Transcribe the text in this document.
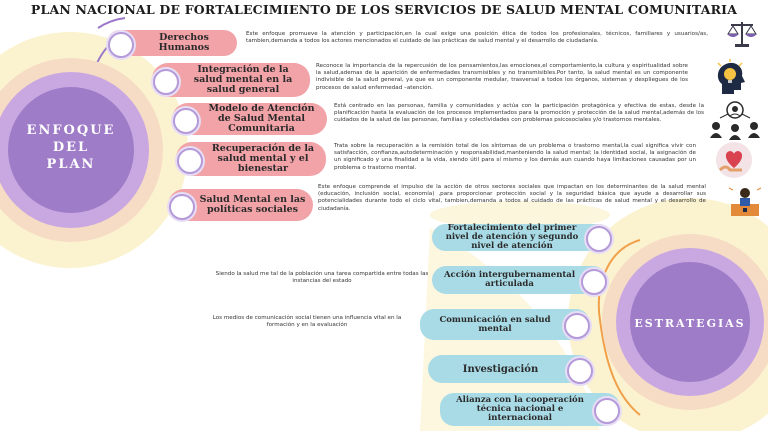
PLAN NACIONAL DE FORTALECIMIENTO DE LOS SERVICIOS DE SALUD MENTAL COMUNITARIA
ENFOQUE
DEL
PLAN
ESTRATEGIAS
Derechos Humanos
Este enfoque promueve la atención y participación,en la cual exige una posición ética de todos los profesionales, técnicos, familiares y usuarios/as, tambien,demanda a todos los actores mencionados el cuidado de las prácticas de salud mental y el desarrollo de ciudadanía.
Integración de la salud mental en la salud general
Reconoce la importancia de la repercusión de los pensamientos,las emociones,el comportamiento,la cultura y espiritualidad sobre la salud,ademas de la aparición de enfermedades transmisibles y no transmisibles.Por tanto, la salud mental es un componente indivisible de la salud general, ya que es un componente medular, trasversal a todos los órganos, sistemas y despliegues de los procesos de salud enfermedad –atención.
Modelo de Atención de Salud Mental Comunitaria
Está centrado en las personas, familia y comunidades y actúa con la participación protagónica y efectiva de estas, desde la planificación hasta la evaluación de los procesos implementados para la promoción y protección de la salud mental,además de los cuidados de la salud de las personas, familias y colectividades con problemas psicosociales y/o trastornos mentales.
Recuperación de la salud mental y el bienestar
Trata sobre la recuperación a la remisión total de los síntomas de un problema o trastorno mental,la cual significa vivir con satisfacción, confianza,autodeterminación y responsabilidad,manteniendo la salud mental; la identidad social, la asignación de un significado y una finalidad a la vida, siendo útil para sí mismo y los demás aun cuando haya limitaciones causadas por un problema o trastorno mental.
Salud Mental en las políticas sociales
Este enfoque comprende el impulso de la acción de otros sectores sociales que impactan en los determinantes de la salud mental (educación, inclusión social, economía) ,para proporcionar protección social y la seguridad básica que ayude a desarrollar sus potencialidades durante todo el ciclo vital, tambien,demanda a todos al cuidado de las prácticas de salud mental y el desarrollo de ciudadanía.
Fortalecimiento del primer nivel de atención y segundo nivel de atención
Siendo la salud me tal de la población una tarea compartida entre todas las instancias del estado
Acción intergubernamental articulada
Los medios de comunicación social tienen una influencia vital en la formación y en la evaluación
Comunicación en salud mental
Investigación
Alianza con la cooperación técnica nacional e internacional
